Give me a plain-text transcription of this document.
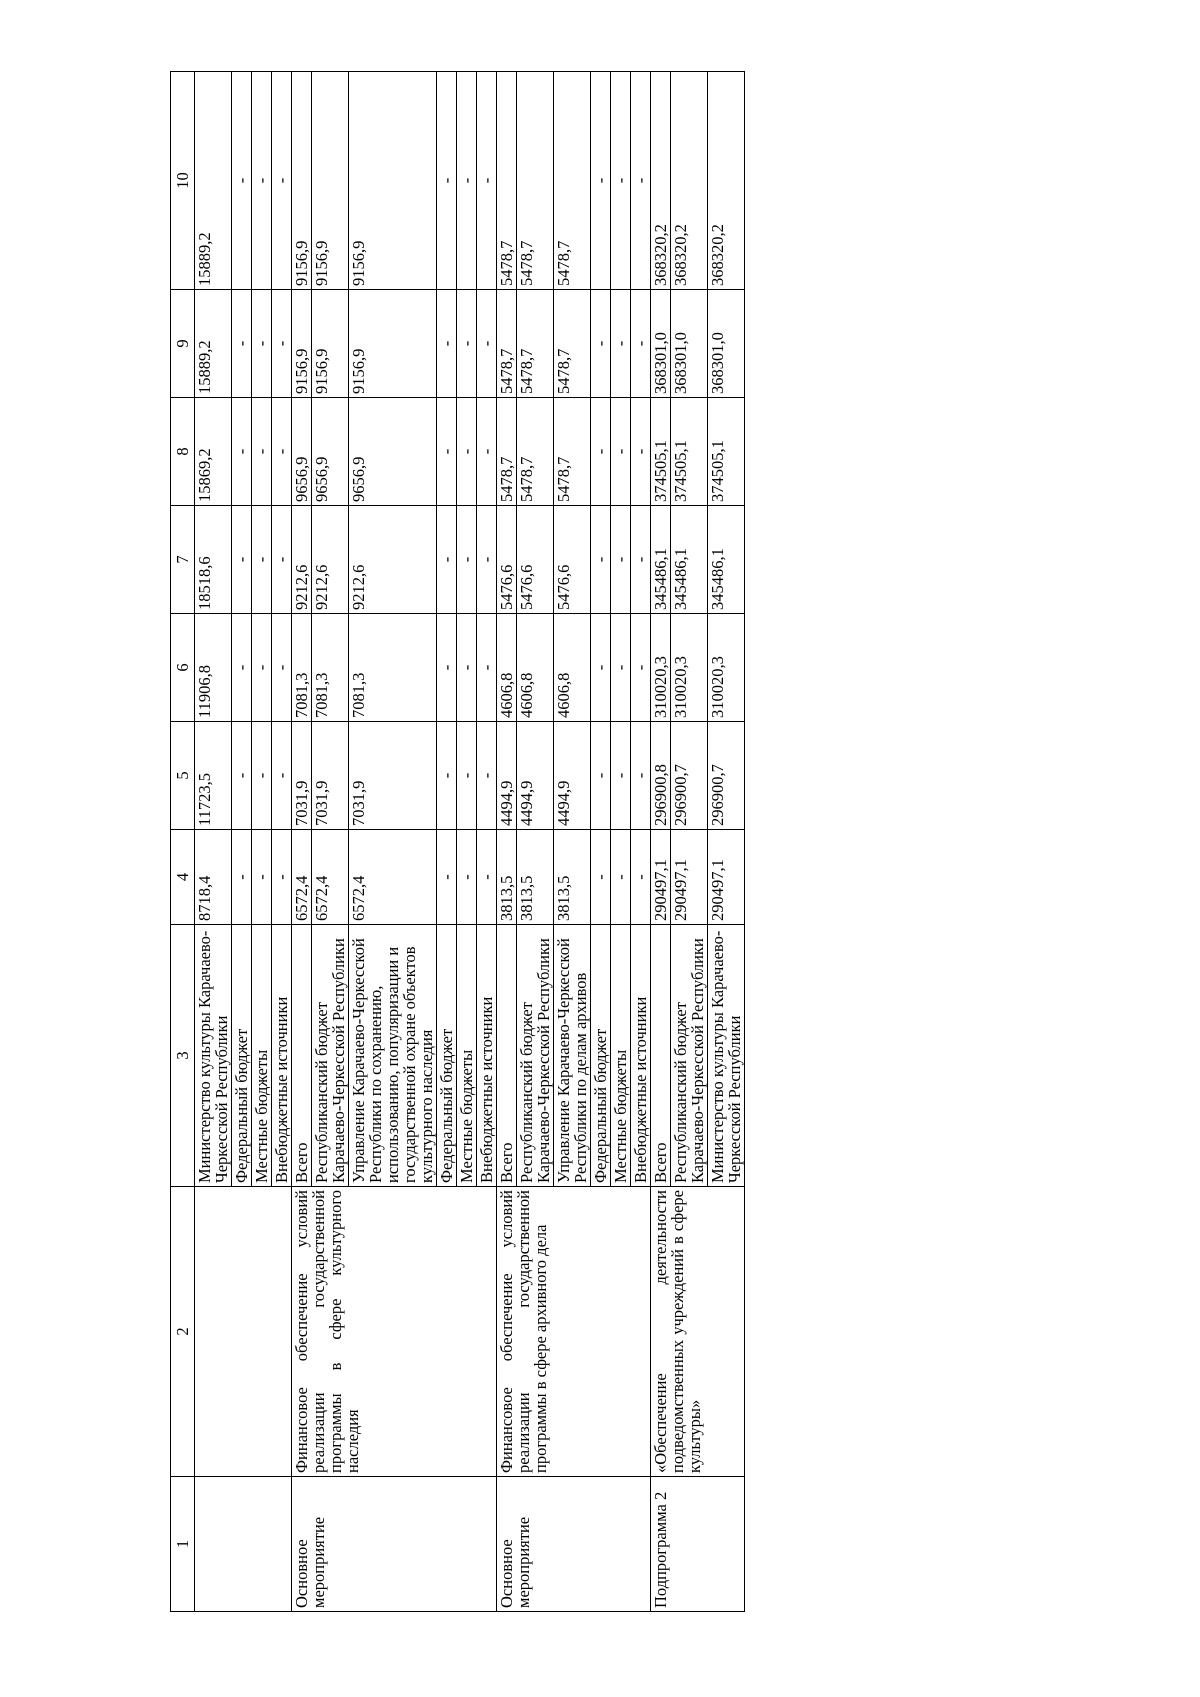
1	2	3	4	5	6	7	8	9	10
		Министерство культуры Карачаево-Черкесской Республики	8718,4	11723,5	11906,8	18518,6	15869,2	15889,2	15889,2
		Федеральный бюджет	-	-	-	-	-	-	-
		Местные бюджеты	-	-	-	-	-	-	-
		Внебюджетные источники	-	-	-	-	-	-	-
Основное мероприятие	Финансовое обеспечение условий реализации государственной программы в сфере культурного наследия	Всего	6572,4	7031,9	7081,3	9212,6	9656,9	9156,9	9156,9
		Республиканский бюджет Карачаево-Черкесской Республики	6572,4	7031,9	7081,3	9212,6	9656,9	9156,9	9156,9
		Управление Карачаево-Черкесской Республики по сохранению, использованию, популяризации и государственной охране объектов культурного наследия	6572,4	7031,9	7081,3	9212,6	9656,9	9156,9	9156,9
		Федеральный бюджет	-	-	-	-	-	-	-
		Местные бюджеты	-	-	-	-	-	-	-
		Внебюджетные источники	-	-	-	-	-	-	-
Основное мероприятие	Финансовое обеспечение условий реализации государственной программы в сфере архивного дела	Всего	3813,5	4494,9	4606,8	5476,6	5478,7	5478,7	5478,7
		Республиканский бюджет Карачаево-Черкесской Республики	3813,5	4494,9	4606,8	5476,6	5478,7	5478,7	5478,7
		Управление Карачаево-Черкесской Республики по делам архивов	3813,5	4494,9	4606,8	5476,6	5478,7	5478,7	5478,7
		Федеральный бюджет	-	-	-	-	-	-	-
		Местные бюджеты	-	-	-	-	-	-	-
		Внебюджетные источники	-	-	-	-	-	-	-
Подпрограмма 2	«Обеспечение деятельности подведомственных учреждений в сфере культуры»	Всего	290497,1	296900,8	310020,3	345486,1	374505,1	368301,0	368320,2
		Республиканский бюджет Карачаево-Черкесской Республики	290497,1	296900,7	310020,3	345486,1	374505,1	368301,0	368320,2
		Министерство культуры Карачаево-Черкесской Республики	290497,1	296900,7	310020,3	345486,1	374505,1	368301,0	368320,2
